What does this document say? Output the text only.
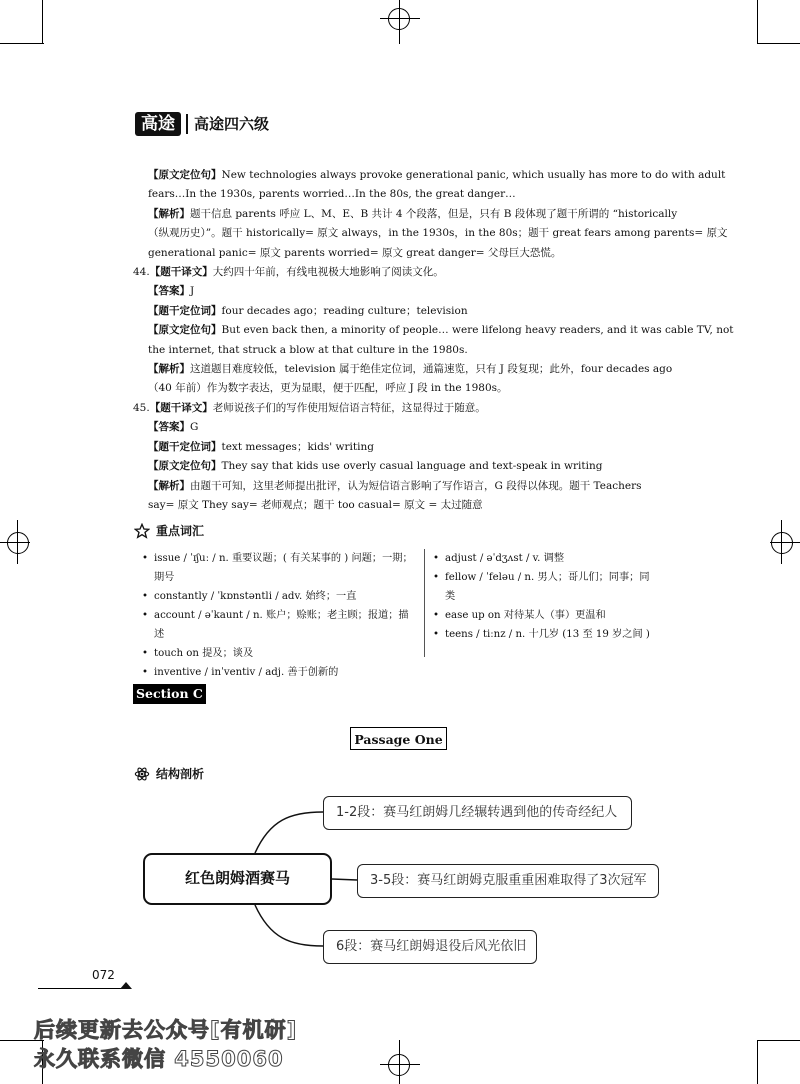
高途	高途四六级
【原文定位句】New technologies always provoke generational panic, which usually has more to do with adult
fears…In the 1930s, parents worried…In the 80s, the great danger…
【解析】题干信息 parents 呼应 L、M、E、B 共计 4 个段落，但是，只有 B 段体现了题干所谓的 “historically
（纵观历史）”。题干 historically= 原文 always，in the 1930s，in the 80s；题干 great fears among parents= 原文
generational panic= 原文 parents worried= 原文 great danger= 父母巨大恐慌。
44.【题干译文】大约四十年前，有线电视极大地影响了阅读文化。
【答案】J
【题干定位词】four decades ago；reading culture；television
【原文定位句】But even back then, a minority of people… were lifelong heavy readers, and it was cable TV, not
the internet, that struck a blow at that culture in the 1980s.
【解析】这道题目难度较低，television 属于绝佳定位词，通篇速览，只有 J 段复现；此外，four decades ago
（40 年前）作为数字表达，更为显眼，便于匹配，呼应 J 段 in the 1980s。
45.【题干译文】老师说孩子们的写作使用短信语言特征，这显得过于随意。
【答案】G
【题干定位词】text messages；kids' writing
【原文定位句】They say that kids use overly casual language and text-speak in writing
【解析】由题干可知，这里老师提出批评，认为短信语言影响了写作语言，G 段得以体现。题干 Teachers
say= 原文 They say= 老师观点；题干 too casual= 原文 = 太过随意
重点词汇
• issue / ˈɪʃuː / n. 重要议题；( 有关某事的 ) 问题；一期；
期号
• constantly / ˈkɒnstəntli / adv. 始终；一直
• account / əˈkaunt / n. 账户；赊账；老主顾；报道；描述
• touch on 提及；谈及
• inventive / inˈventiv / adj. 善于创新的
• adjust / əˈdʒʌst / v. 调整
• fellow / ˈfeləu / n. 男人；哥儿们；同事；同
类
• ease up on 对待某人（事）更温和
• teens / tiːnz / n. 十几岁 (13 至 19 岁之间 )
Section C
Passage One
结构剖析
红色朗姆酒赛马
1-2段：赛马红朗姆几经辗转遇到他的传奇经纪人
3-5段：赛马红朗姆克服重重困难取得了3次冠军
6段：赛马红朗姆退役后风光依旧
072
后续更新去公众号[有机研]
永久联系微信 4550060
